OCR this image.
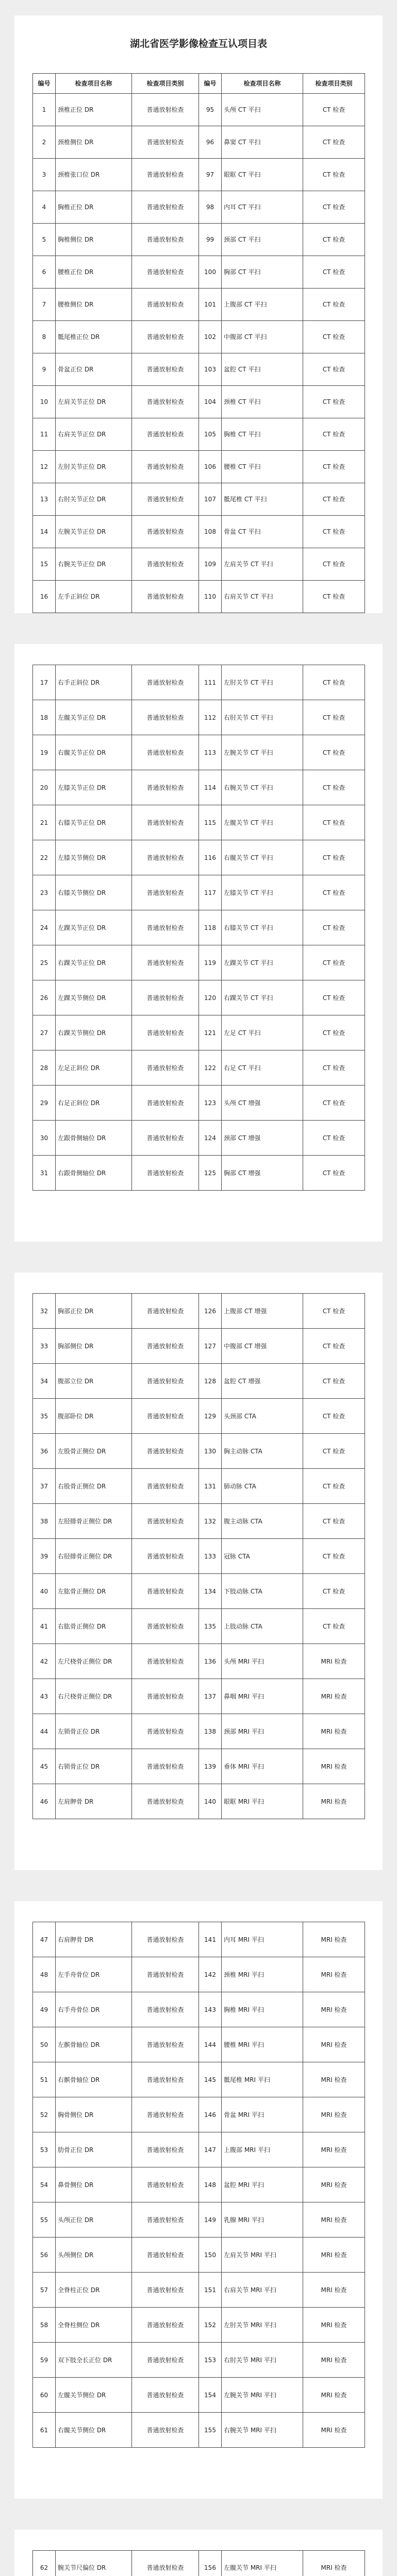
湖北省医学影像检查互认项目表
编号	检查项目名称	检查项目类别	编号	检查项目名称	检查项目类别
1	颈椎正位 DR	普通放射检查	95	头颅 CT 平扫	CT 检查
2	颈椎侧位 DR	普通放射检查	96	鼻窦 CT 平扫	CT 检查
3	颈椎张口位 DR	普通放射检查	97	眼眶 CT 平扫	CT 检查
4	胸椎正位 DR	普通放射检查	98	内耳 CT 平扫	CT 检查
5	胸椎侧位 DR	普通放射检查	99	颈部 CT 平扫	CT 检查
6	腰椎正位 DR	普通放射检查	100	胸部 CT 平扫	CT 检查
7	腰椎侧位 DR	普通放射检查	101	上腹部 CT 平扫	CT 检查
8	骶尾椎正位 DR	普通放射检查	102	中腹部 CT 平扫	CT 检查
9	骨盆正位 DR	普通放射检查	103	盆腔 CT 平扫	CT 检查
10	左肩关节正位 DR	普通放射检查	104	颈椎 CT 平扫	CT 检查
11	右肩关节正位 DR	普通放射检查	105	胸椎 CT 平扫	CT 检查
12	左肘关节正位 DR	普通放射检查	106	腰椎 CT 平扫	CT 检查
13	右肘关节正位 DR	普通放射检查	107	骶尾椎 CT 平扫	CT 检查
14	左腕关节正位 DR	普通放射检查	108	骨盆 CT 平扫	CT 检查
15	右腕关节正位 DR	普通放射检查	109	左肩关节 CT 平扫	CT 检查
16	左手正斜位 DR	普通放射检查	110	右肩关节 CT 平扫	CT 检查
17	右手正斜位 DR	普通放射检查	111	左肘关节 CT 平扫	CT 检查
18	左髋关节正位 DR	普通放射检查	112	右肘关节 CT 平扫	CT 检查
19	右髋关节正位 DR	普通放射检查	113	左腕关节 CT 平扫	CT 检查
20	左膝关节正位 DR	普通放射检查	114	右腕关节 CT 平扫	CT 检查
21	右膝关节正位 DR	普通放射检查	115	左髋关节 CT 平扫	CT 检查
22	左膝关节侧位 DR	普通放射检查	116	右髋关节 CT 平扫	CT 检查
23	右膝关节侧位 DR	普通放射检查	117	左膝关节 CT 平扫	CT 检查
24	左踝关节正位 DR	普通放射检查	118	右膝关节 CT 平扫	CT 检查
25	右踝关节正位 DR	普通放射检查	119	左踝关节 CT 平扫	CT 检查
26	左踝关节侧位 DR	普通放射检查	120	右踝关节 CT 平扫	CT 检查
27	右踝关节侧位 DR	普通放射检查	121	左足 CT 平扫	CT 检查
28	左足正斜位 DR	普通放射检查	122	右足 CT 平扫	CT 检查
29	右足正斜位 DR	普通放射检查	123	头颅 CT 增强	CT 检查
30	左跟骨侧轴位 DR	普通放射检查	124	颈部 CT 增强	CT 检查
31	右跟骨侧轴位 DR	普通放射检查	125	胸部 CT 增强	CT 检查
32	胸部正位 DR	普通放射检查	126	上腹部 CT 增强	CT 检查
33	胸部侧位 DR	普通放射检查	127	中腹部 CT 增强	CT 检查
34	腹部立位 DR	普通放射检查	128	盆腔 CT 增强	CT 检查
35	腹部卧位 DR	普通放射检查	129	头颈部 CTA	CT 检查
36	左股骨正侧位 DR	普通放射检查	130	胸主动脉 CTA	CT 检查
37	右股骨正侧位 DR	普通放射检查	131	肺动脉 CTA	CT 检查
38	左胫腓骨正侧位 DR	普通放射检查	132	腹主动脉 CTA	CT 检查
39	右胫腓骨正侧位 DR	普通放射检查	133	冠脉 CTA	CT 检查
40	左肱骨正侧位 DR	普通放射检查	134	下肢动脉 CTA	CT 检查
41	右肱骨正侧位 DR	普通放射检查	135	上肢动脉 CTA	CT 检查
42	左尺桡骨正侧位 DR	普通放射检查	136	头颅 MRI 平扫	MRI 检查
43	右尺桡骨正侧位 DR	普通放射检查	137	鼻咽 MRI 平扫	MRI 检查
44	左锁骨正位 DR	普通放射检查	138	颈部 MRI 平扫	MRI 检查
45	右锁骨正位 DR	普通放射检查	139	垂体 MRI 平扫	MRI 检查
46	左肩胛骨 DR	普通放射检查	140	眼眶 MRI 平扫	MRI 检查
47	右肩胛骨 DR	普通放射检查	141	内耳 MRI 平扫	MRI 检查
48	左手舟骨位 DR	普通放射检查	142	颈椎 MRI 平扫	MRI 检查
49	右手舟骨位 DR	普通放射检查	143	胸椎 MRI 平扫	MRI 检查
50	左髌骨轴位 DR	普通放射检查	144	腰椎 MRI 平扫	MRI 检查
51	右髌骨轴位 DR	普通放射检查	145	骶尾椎 MRI 平扫	MRI 检查
52	胸骨侧位 DR	普通放射检查	146	骨盆 MRI 平扫	MRI 检查
53	肋骨正位 DR	普通放射检查	147	上腹部 MRI 平扫	MRI 检查
54	鼻骨侧位 DR	普通放射检查	148	盆腔 MRI 平扫	MRI 检查
55	头颅正位 DR	普通放射检查	149	乳腺 MRI 平扫	MRI 检查
56	头颅侧位 DR	普通放射检查	150	左肩关节 MRI 平扫	MRI 检查
57	全脊柱正位 DR	普通放射检查	151	右肩关节 MRI 平扫	MRI 检查
58	全脊柱侧位 DR	普通放射检查	152	左肘关节 MRI 平扫	MRI 检查
59	双下肢全长正位 DR	普通放射检查	153	右肘关节 MRI 平扫	MRI 检查
60	左髋关节侧位 DR	普通放射检查	154	左腕关节 MRI 平扫	MRI 检查
61	右髋关节侧位 DR	普通放射检查	155	右腕关节 MRI 平扫	MRI 检查
62	腕关节尺偏位 DR	普通放射检查	156	左髋关节 MRI 平扫	MRI 检查
